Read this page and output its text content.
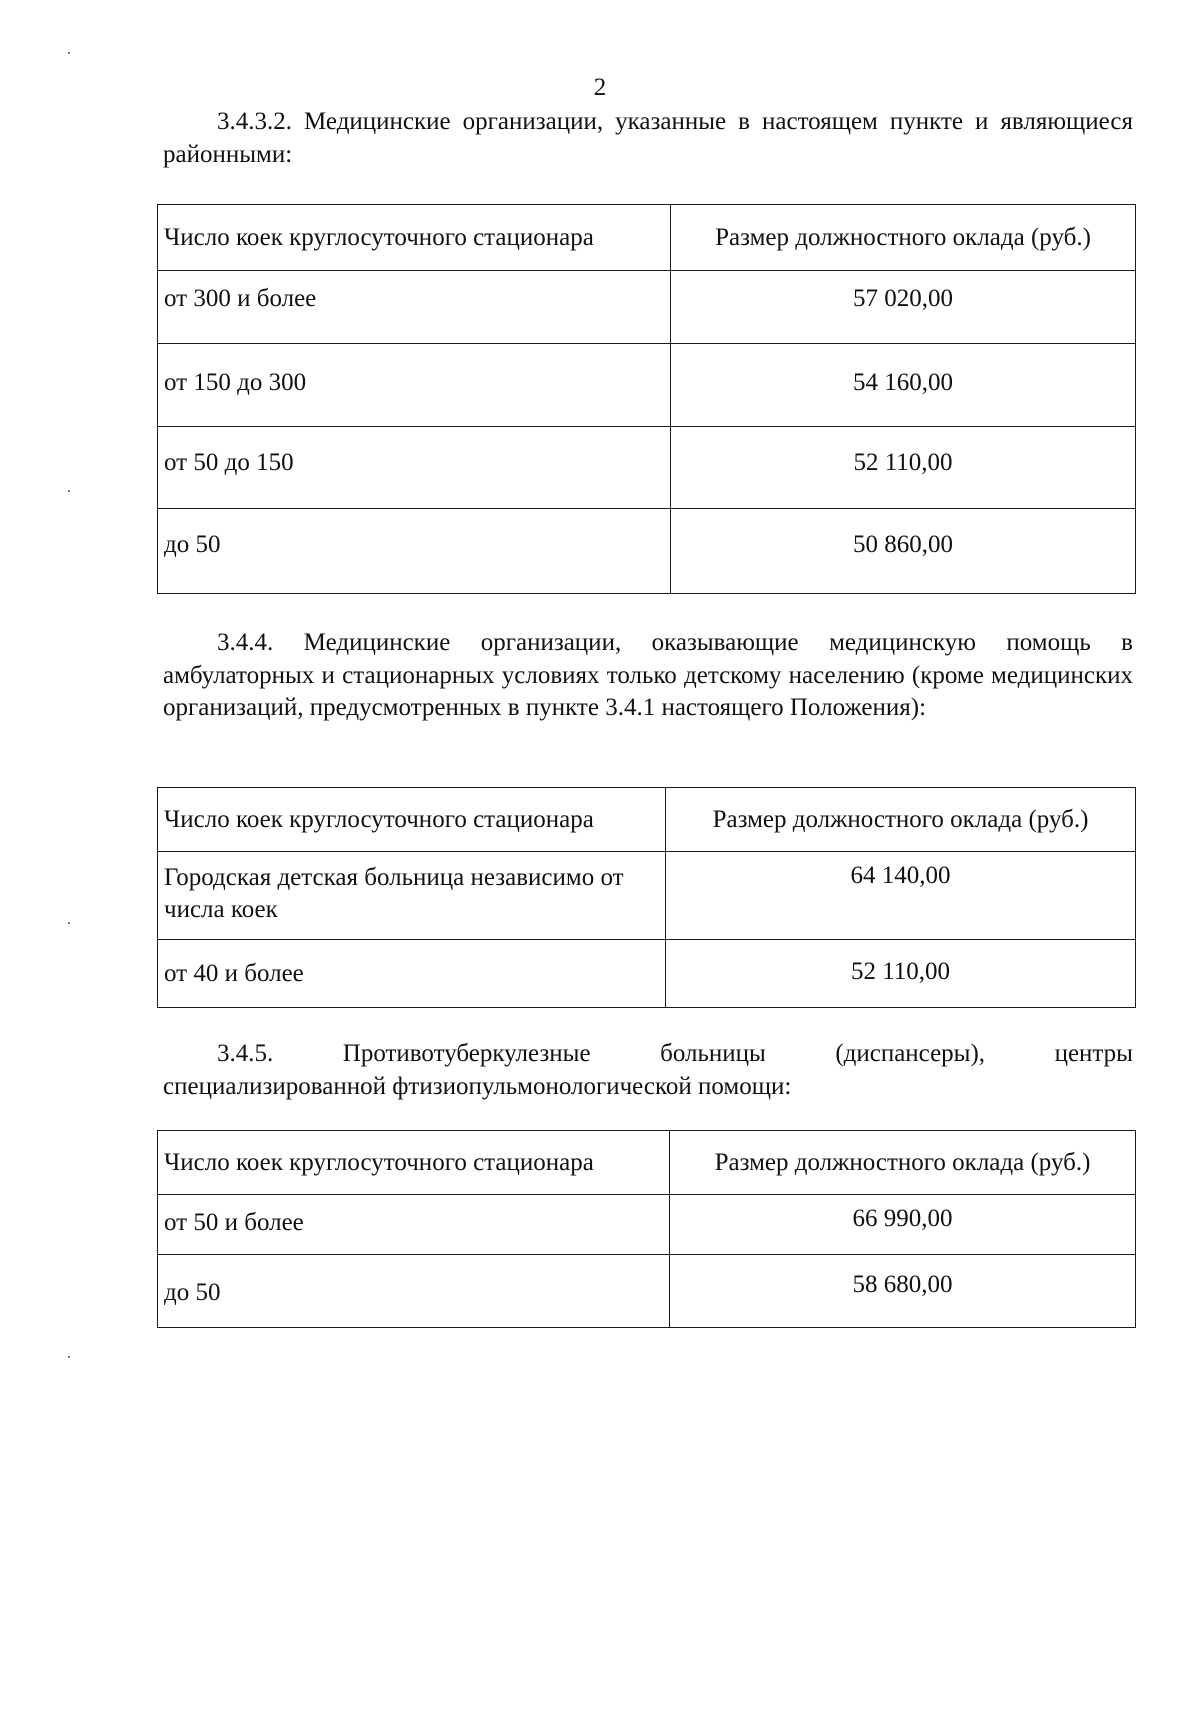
2
3.4.3.2. Медицинские организации, указанные в настоящем пункте и являющиеся районными:
Число коек круглосуточного стационара	Размер должностного оклада (руб.)
от 300 и более	57 020,00
от 150 до 300	54 160,00
от 50 до 150	52 110,00
до 50	50 860,00
3.4.4. Медицинские организации, оказывающие медицинскую помощь в амбулаторных и стационарных условиях только детскому населению (кроме медицинских организаций, предусмотренных в пункте 3.4.1 настоящего Положения):
Число коек круглосуточного стационара	Размер должностного оклада (руб.)
Городская детская больница независимо от числа коек	64 140,00
от 40 и более	52 110,00
3.4.5.	Противотуберкулезные	больницы	(диспансеры),	центры
специализированной фтизиопульмонологической помощи:
Число коек круглосуточного стационара	Размер должностного оклада (руб.)
от 50 и более	66 990,00
до 50	58 680,00
